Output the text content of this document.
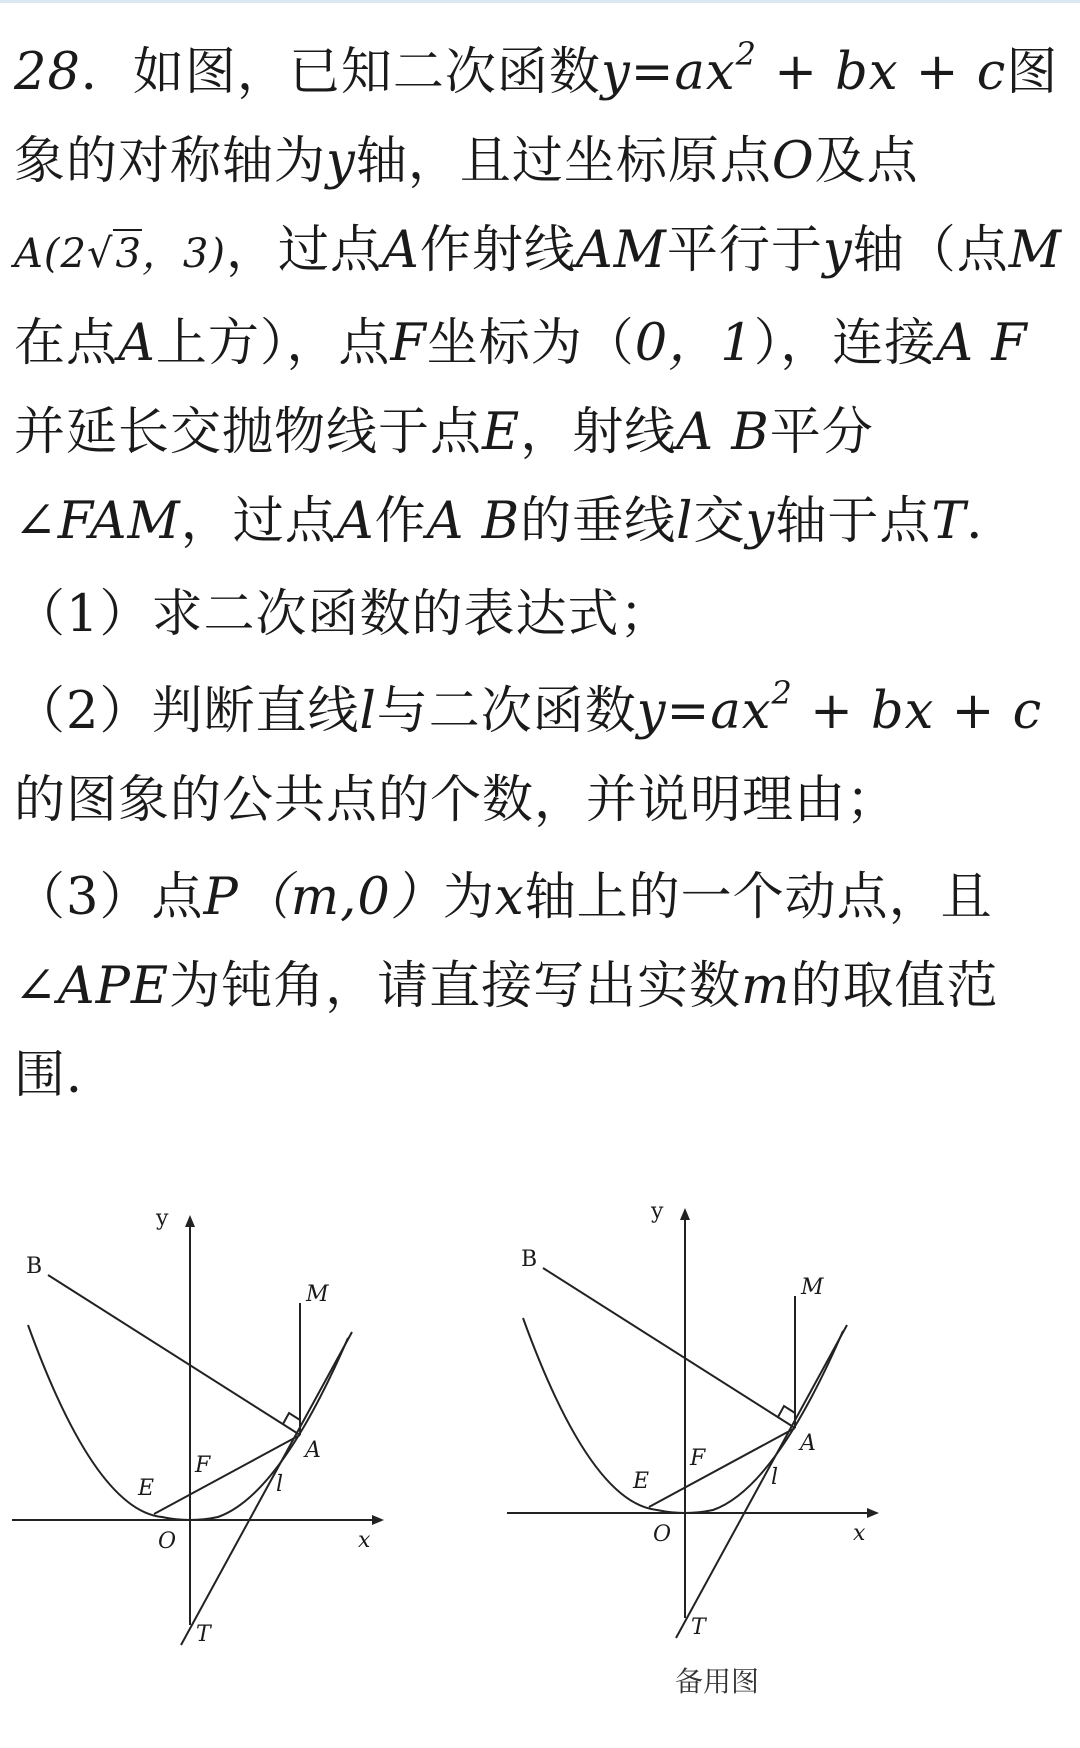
28．如图，已知二次函数$y=ax^2$ + bx + c图象的对称轴为y轴，且过坐标原点O及点A(2√3，3)，过点A作射线AM平行于y轴（点M在点A上方），点F坐标为（0，1），连接A F并延长交抛物线于点E，射线A B平分∠FAM，过点A作A B的垂线l交y轴于点T．

（1）求二次函数的表达式；

（2）判断直线l与二次函数$y=ax^2$ + bx + c的图象的公共点的个数，并说明理由；

（3）点P（m,0）为x轴上的一个动点，且∠APE为钝角，请直接写出实数m的取值范围．

y
x
O
A
B
E
F
M
T
l
y
x
O
A
B
E
F
M
T
l
备用图
